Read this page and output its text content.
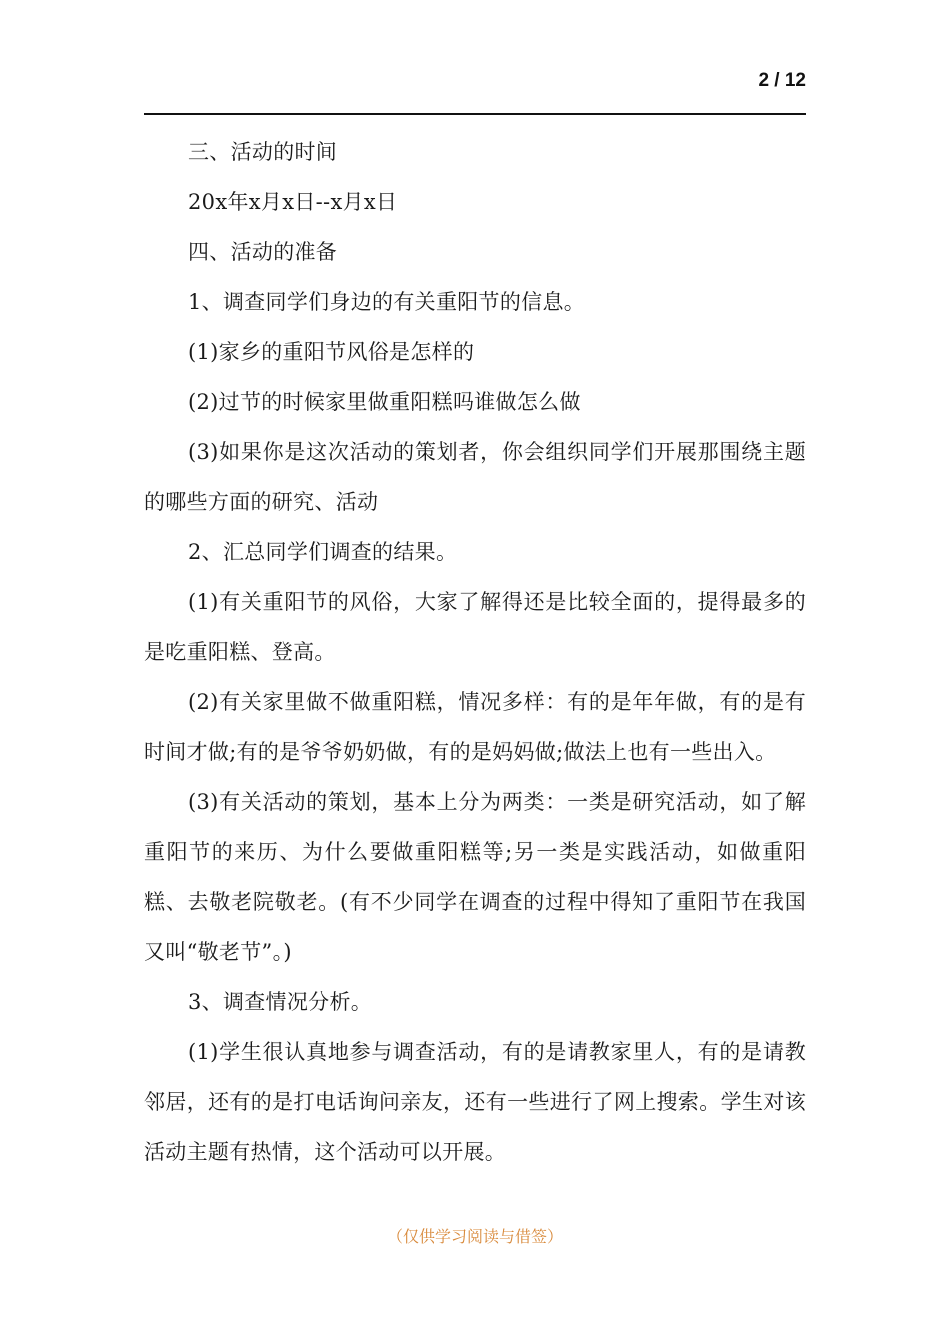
2 / 12

三、活动的时间

20x年x月x日--x月x日

四、活动的准备

1、调查同学们身边的有关重阳节的信息。

(1)家乡的重阳节风俗是怎样的

(2)过节的时候家里做重阳糕吗谁做怎么做

(3)如果你是这次活动的策划者，你会组织同学们开展那围绕主题的哪些方面的研究、活动

2、汇总同学们调查的结果。

(1)有关重阳节的风俗，大家了解得还是比较全面的，提得最多的是吃重阳糕、登高。

(2)有关家里做不做重阳糕，情况多样：有的是年年做，有的是有时间才做;有的是爷爷奶奶做，有的是妈妈做;做法上也有一些出入。

(3)有关活动的策划，基本上分为两类：一类是研究活动，如了解重阳节的来历、为什么要做重阳糕等;另一类是实践活动，如做重阳糕、去敬老院敬老。(有不少同学在调查的过程中得知了重阳节在我国又叫“敬老节”。)

3、调查情况分析。

(1)学生很认真地参与调查活动，有的是请教家里人，有的是请教邻居，还有的是打电话询问亲友，还有一些进行了网上搜索。学生对该活动主题有热情，这个活动可以开展。

（仅供学习阅读与借签）
